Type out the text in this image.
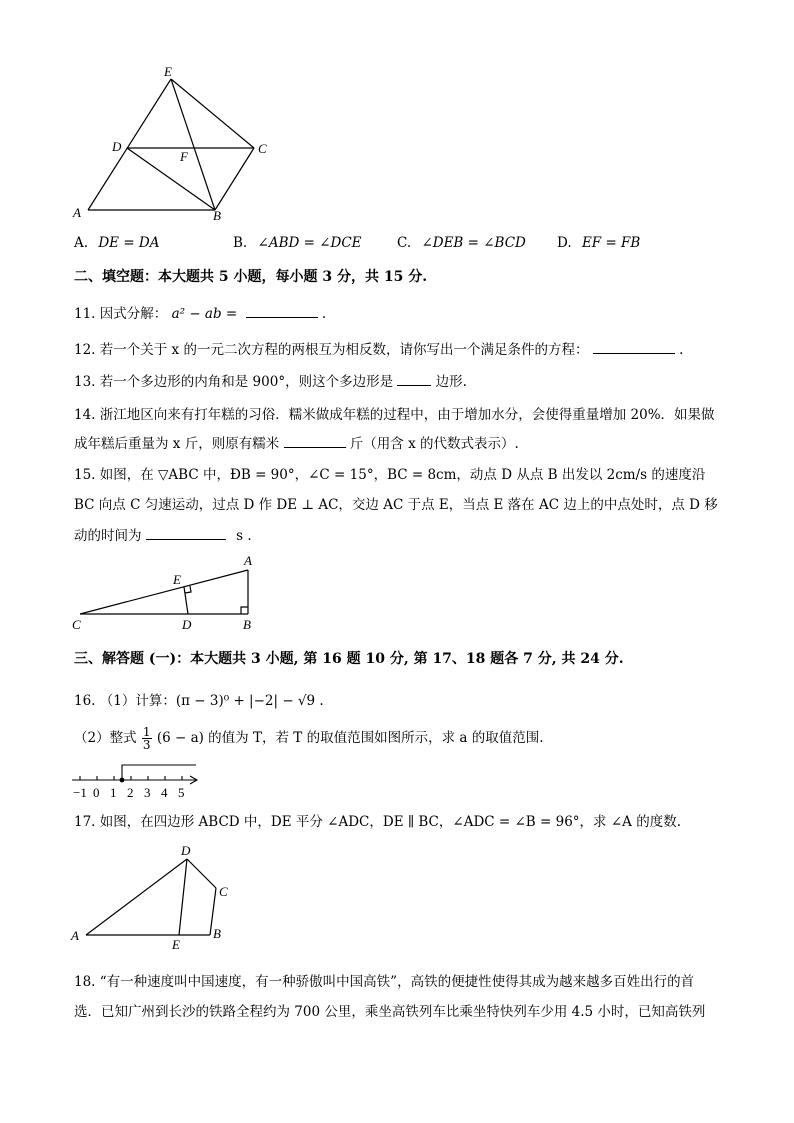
E
D
F
C
A	B
A. DE = DA	B. ∠ABD = ∠DCE	C. ∠DEB = ∠BCD D. EF = FB
二、填空题：本大题共 5 小题，每小题 3 分，共 15 分.
11. 因式分解： a² − ab =	.
12. 若一个关于 x 的一元二次方程的两根互为相反数，请你写出一个满足条件的方程：	.
13. 若一个多边形的内角和是 900°，则这个多边形是	边形.
14. 浙江地区向来有打年糕的习俗．糯米做成年糕的过程中，由于增加水分，会使得重量增加 20%．如果做
成年糕后重量为 x 斤，则原有糯米	斤（用含 x 的代数式表示）.
15. 如图，在 ▽ABC 中，ÐB = 90°，∠C = 15°，BC = 8cm，动点 D 从点 B 出发以 2cm/s 的速度沿
BC 向点 C 匀速运动，过点 D 作 DE ⊥ AC，交边 AC 于点 E，当点 E 落在 AC 边上的中点处时，点 D 移
动的时间为	s .
A
E
C	D	B
三、解答题 (一)：本大题共 3 小题, 第 16 题 10 分, 第 17、18 题各 7 分, 共 24 分.
16. （1）计算：(π − 3)⁰ + |−2| − √9 .
（2）整式 $\frac{1}{3} (6 - a)$ 的值为 T，若 T 的取值范围如图所示，求 a 的取值范围.
−1 0 1 2 3 4 5
17. 如图，在四边形 ABCD 中，DE 平分 ∠ADC，DE ∥ BC，∠ADC = ∠B = 96°，求 ∠A 的度数.
D
C
A
E
B
18. “有一种速度叫中国速度，有一种骄傲叫中国高铁”，高铁的便捷性使得其成为越来越多百姓出行的首
选．已知广州到长沙的铁路全程约为 700 公里，乘坐高铁列车比乘坐特快列车少用 4.5 小时，已知高铁列
